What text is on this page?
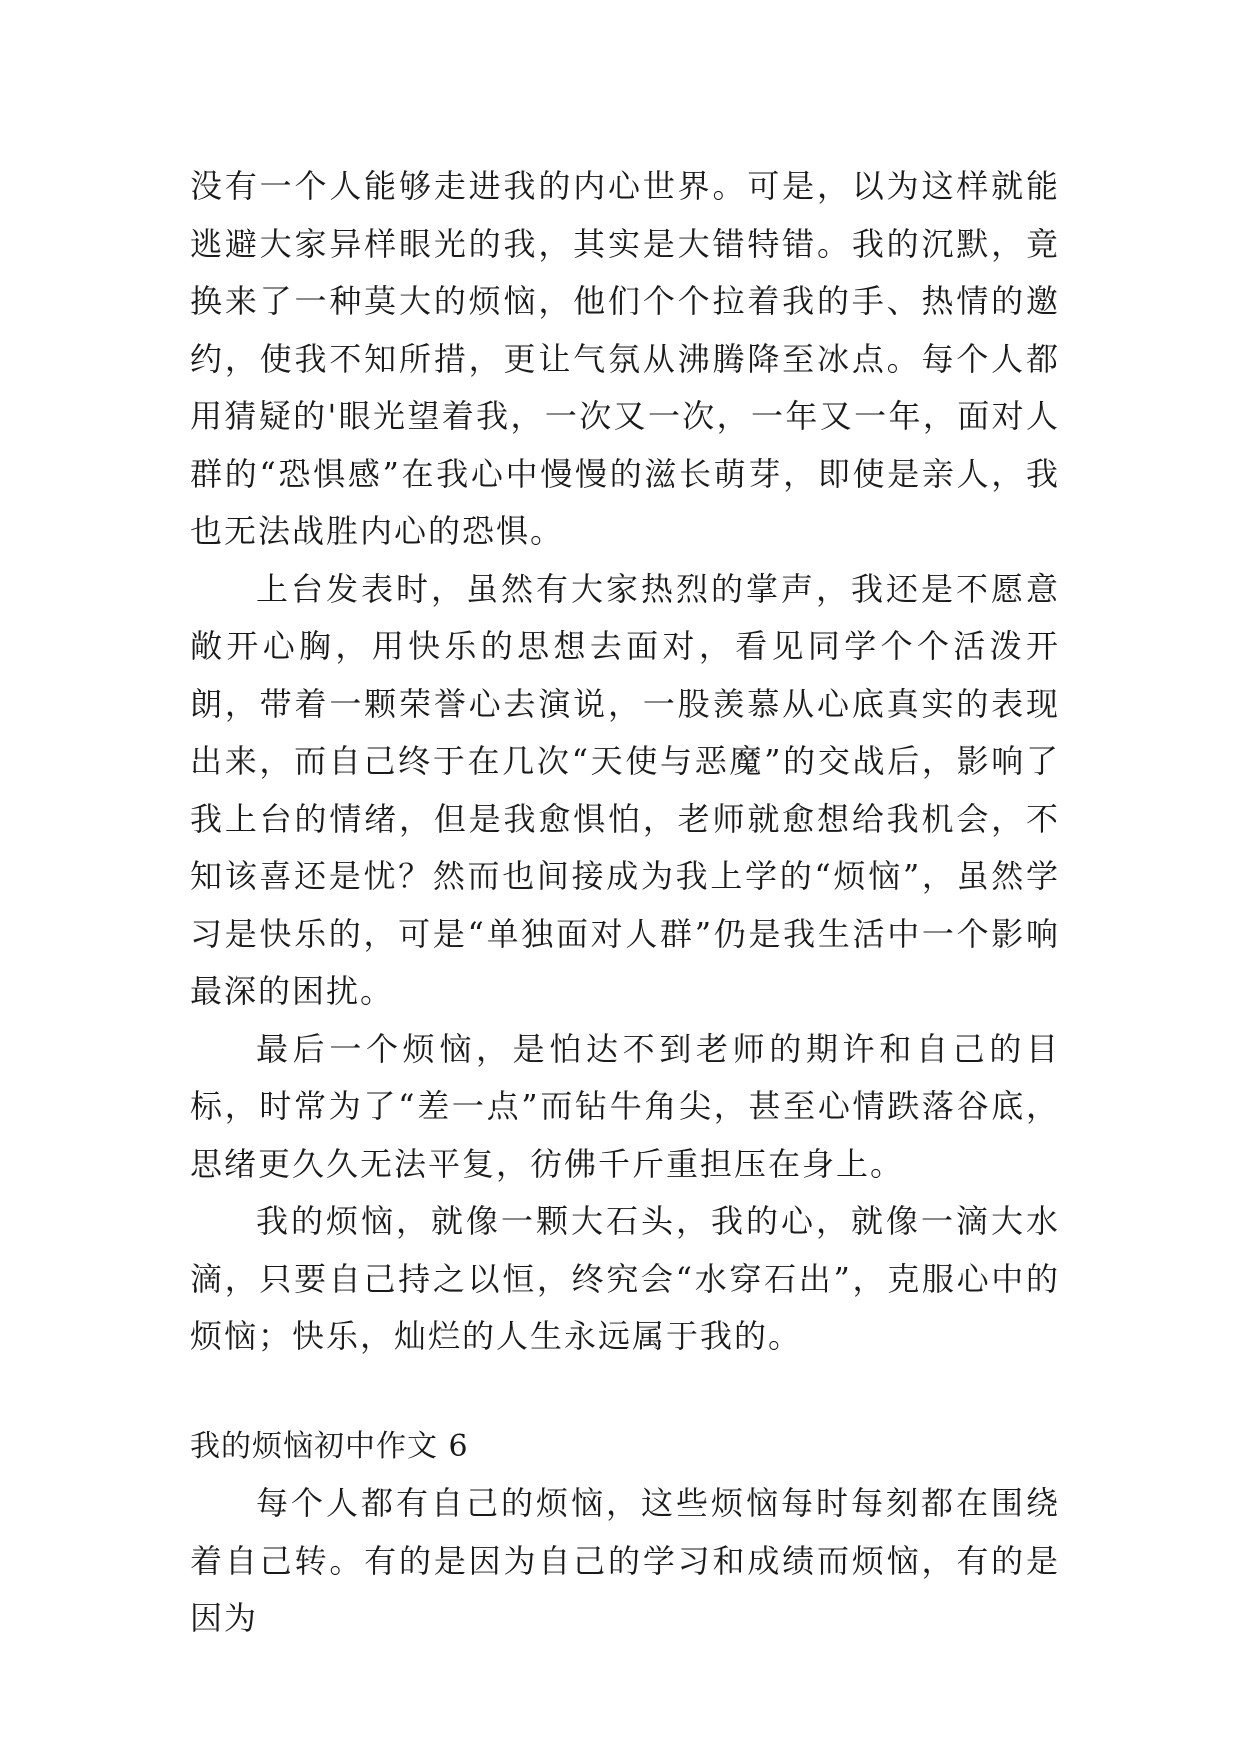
没有一个人能够走进我的内心世界。可是，以为这样就能逃避大家异样眼光的我，其实是大错特错。我的沉默，竟换来了一种莫大的烦恼，他们个个拉着我的手、热情的邀约，使我不知所措，更让气氛从沸腾降至冰点。每个人都用猜疑的'眼光望着我，一次又一次，一年又一年，面对人群的“恐惧感”在我心中慢慢的滋长萌芽，即使是亲人，我也无法战胜内心的恐惧。

上台发表时，虽然有大家热烈的掌声，我还是不愿意敞开心胸，用快乐的思想去面对，看见同学个个活泼开朗，带着一颗荣誉心去演说，一股羡慕从心底真实的表现出来，而自己终于在几次“天使与恶魔”的交战后，影响了我上台的情绪，但是我愈惧怕，老师就愈想给我机会，不知该喜还是忧？然而也间接成为我上学的“烦恼”，虽然学习是快乐的，可是“单独面对人群”仍是我生活中一个影响最深的困扰。

最后一个烦恼，是怕达不到老师的期许和自己的目标，时常为了“差一点”而钻牛角尖，甚至心情跌落谷底，思绪更久久无法平复，彷佛千斤重担压在身上。

我的烦恼，就像一颗大石头，我的心，就像一滴大水滴，只要自己持之以恒，终究会“水穿石出”，克服心中的烦恼；快乐，灿烂的人生永远属于我的。

我的烦恼初中作文 6

每个人都有自己的烦恼，这些烦恼每时每刻都在围绕着自己转。有的是因为自己的学习和成绩而烦恼，有的是因为
